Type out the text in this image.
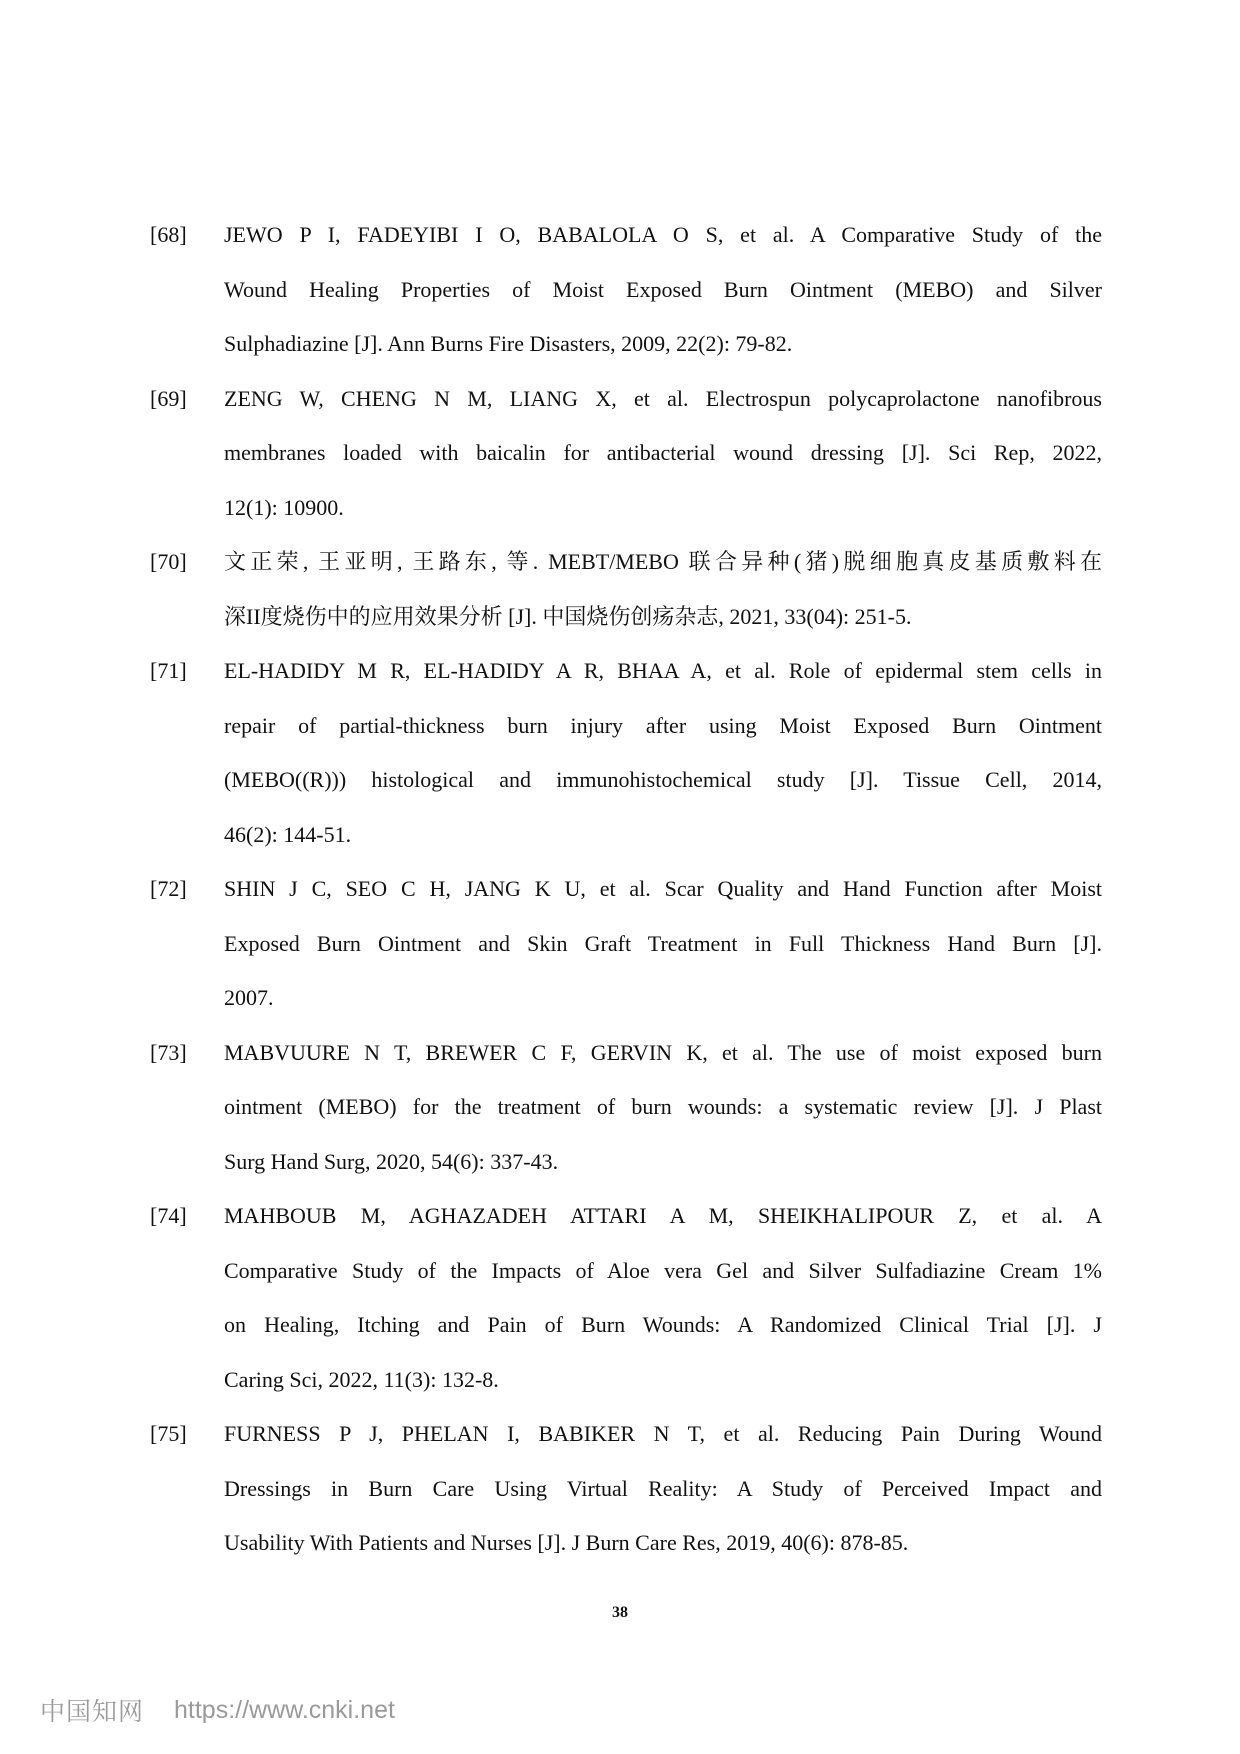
[68] JEWO P I, FADEYIBI I O, BABALOLA O S, et al. A Comparative Study of the
Wound Healing Properties of Moist Exposed Burn Ointment (MEBO) and Silver
Sulphadiazine [J]. Ann Burns Fire Disasters, 2009, 22(2): 79-82.
[69] ZENG W, CHENG N M, LIANG X, et al. Electrospun polycaprolactone nanofibrous
membranes loaded with baicalin for antibacterial wound dressing [J]. Sci Rep, 2022,
12(1): 10900.
[70] 文正荣, 王亚明, 王路东, 等. MEBT/MEBO 联合异种(猪)脱细胞真皮基质敷料在
深II度烧伤中的应用效果分析 [J]. 中国烧伤创疡杂志, 2021, 33(04): 251-5.
[71] EL-HADIDY M R, EL-HADIDY A R, BHAA A, et al. Role of epidermal stem cells in
repair of partial-thickness burn injury after using Moist Exposed Burn Ointment
(MEBO((R))) histological and immunohistochemical study [J]. Tissue Cell, 2014,
46(2): 144-51.
[72] SHIN J C, SEO C H, JANG K U, et al. Scar Quality and Hand Function after Moist
Exposed Burn Ointment and Skin Graft Treatment in Full Thickness Hand Burn [J].
2007.
[73] MABVUURE N T, BREWER C F, GERVIN K, et al. The use of moist exposed burn
ointment (MEBO) for the treatment of burn wounds: a systematic review [J]. J Plast
Surg Hand Surg, 2020, 54(6): 337-43.
[74] MAHBOUB M, AGHAZADEH ATTARI A M, SHEIKHALIPOUR Z, et al. A
Comparative Study of the Impacts of Aloe vera Gel and Silver Sulfadiazine Cream 1%
on Healing, Itching and Pain of Burn Wounds: A Randomized Clinical Trial [J]. J
Caring Sci, 2022, 11(3): 132-8.
[75] FURNESS P J, PHELAN I, BABIKER N T, et al. Reducing Pain During Wound
Dressings in Burn Care Using Virtual Reality: A Study of Perceived Impact and
Usability With Patients and Nurses [J]. J Burn Care Res, 2019, 40(6): 878-85.
38
中国知网 https://www.cnki.net
